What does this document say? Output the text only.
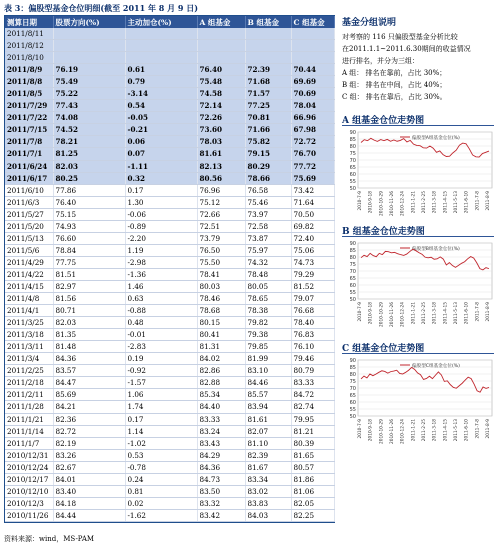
表 3：偏股型基金仓位明细(截至 2011 年 8 月 9 日)
测算日期	股票方向(%)	主动加仓(%)	A 组基金	B 组基金	C 组基金
2011/8/11					
2011/8/12					
2011/8/10					
2011/8/9	76.19	0.61	76.40	72.39	70.44
2011/8/8	75.49	0.79	75.48	71.68	69.69
2011/8/5	75.22	-3.14	74.58	71.57	70.69
2011/7/29	77.43	0.54	72.14	77.25	78.04
2011/7/22	74.08	-0.05	72.26	70.81	66.96
2011/7/15	74.52	-0.21	73.60	71.66	67.98
2011/7/8	78.21	0.06	78.03	75.82	72.72
2011/7/1	81.25	0.07	81.61	79.15	76.70
2011/6/24	82.03	-1.11	82.13	80.29	77.72
2011/6/17	80.25	0.32	80.56	78.66	75.69
2011/6/10	77.86	0.17	76.96	76.58	73.42
2011/6/3	76.40	1.30	75.12	75.46	71.64
2011/5/27	75.15	-0.06	72.66	73.97	70.50
2011/5/20	74.93	-0.89	72.51	72.58	69.82
2011/5/13	76.60	-2.20	73.79	73.87	72.40
2011/5/6	78.84	1.19	76.50	75.97	75.06
2011/4/29	77.75	-2.98	75.50	74.32	74.73
2011/4/22	81.51	-1.36	78.41	78.48	79.29
2011/4/15	82.97	1.46	80.03	80.05	81.52
2011/4/8	81.56	0.63	78.46	78.65	79.07
2011/4/1	80.71	-0.88	78.68	78.38	76.68
2011/3/25	82.03	0.48	80.15	79.82	78.40
2011/3/18	81.35	-0.01	80.41	79.38	76.83
2011/3/11	81.48	-2.83	81.31	79.85	76.10
2011/3/4	84.36	0.19	84.02	81.99	79.46
2011/2/25	83.57	-0.92	82.86	83.10	80.79
2011/2/18	84.47	-1.57	82.88	84.46	83.33
2011/2/11	85.69	1.06	85.34	85.57	84.72
2011/1/28	84.21	1.74	84.40	83.94	82.74
2011/1/21	82.36	0.17	83.33	81.61	79.95
2011/1/14	82.72	1.14	83.24	82.07	81.21
2011/1/7	82.19	-1.02	83.43	81.10	80.39
2010/12/31	83.26	0.53	84.29	82.39	81.65
2010/12/24	82.67	-0.78	84.36	81.67	80.57
2010/12/17	84.01	0.24	84.73	83.34	81.86
2010/12/10	83.40	0.81	83.50	83.02	81.06
2010/12/3	84.18	0.02	83.32	83.83	82.05
2010/11/26	84.44	-1.62	83.42	84.03	82.25
资料来源：wind，MS-PAM
基金分组说明
对考察的 116 只偏股型基金分析比较
在2011.1.1~2011.6.30期间的收益情况
进行排名，并分为三组：
A 组： 排名在靠前，占比 30%；
B 组： 排名在中间，占比 40%；
C 组： 排名在靠后，占比 30%。
A 组基金仓位走势图
50
55
60
65
70
75
80
85
90
2010-7-9 2010-9-18 2010-10-29 2010-11-26 2010-12-24 2011-1-21 2011-2-25 2011-3-18 2011-4-15 2011-5-13 2011-6-10 2011-7-8 2011-8-9
偏股型A组基金仓位(%)
B 组基金仓位走势图
50
55
60
65
70
75
80
85
90
2010-7-9 2010-9-18 2010-10-29 2010-11-26 2010-12-24 2011-1-21 2011-2-25 2011-3-18 2011-4-15 2011-5-13 2011-6-10 2011-7-8 2011-8-9
偏股型B组基金仓位(%)
C 组基金仓位走势图
50
55
60
65
70
75
80
85
90
2010-7-9 2010-9-18 2010-10-29 2010-11-26 2010-12-24 2011-1-21 2011-2-25 2011-3-18 2011-4-15 2011-5-13 2011-6-10 2011-7-8 2011-8-9
偏股型C组基金仓位(%)
